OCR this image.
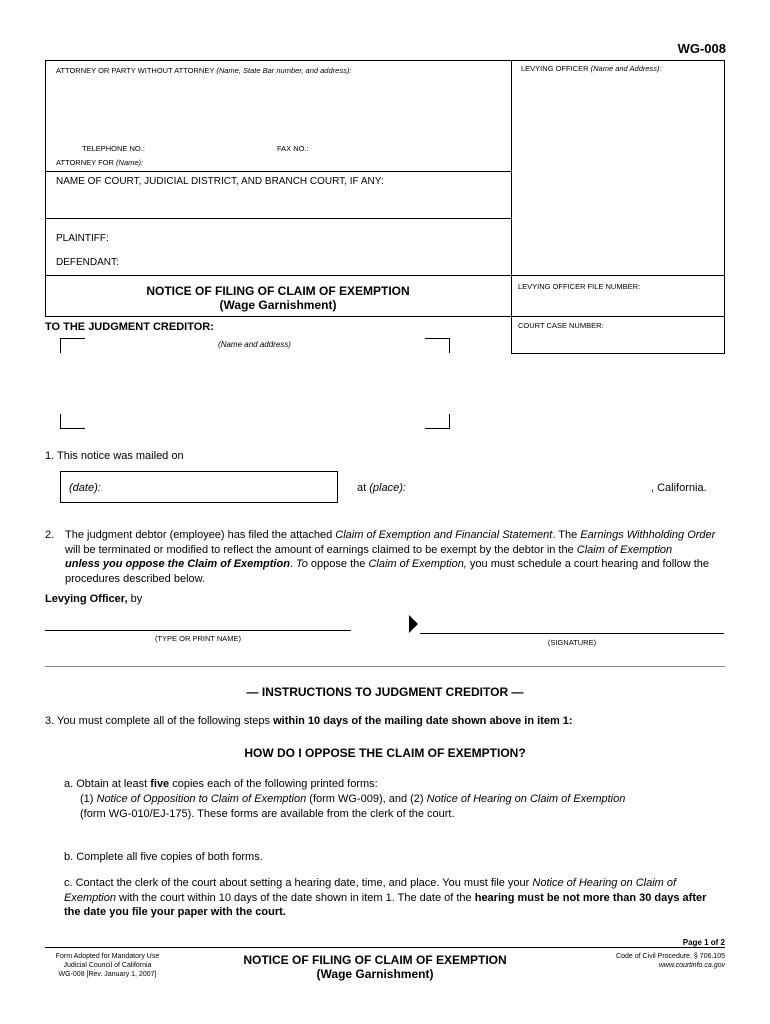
WG-008
ATTORNEY OR PARTY WITHOUT ATTORNEY (Name, State Bar number, and address):
TELEPHONE NO.:	FAX NO.:
ATTORNEY FOR (Name):
LEVYING OFFICER (Name and Address):
NAME OF COURT, JUDICIAL DISTRICT, AND BRANCH COURT, IF ANY:
PLAINTIFF:
DEFENDANT:
NOTICE OF FILING OF CLAIM OF EXEMPTION
(Wage Garnishment)
LEVYING OFFICER FILE NUMBER:
COURT CASE NUMBER:
TO THE JUDGMENT CREDITOR:
(Name and address)
1. This notice was mailed on
(date):	at (place):	, California.
2. The judgment debtor (employee) has filed the attached Claim of Exemption and Financial Statement. The Earnings Withholding Order will be terminated or modified to reflect the amount of earnings claimed to be exempt by the debtor in the Claim of Exemption
unless you oppose the Claim of Exemption. To oppose the Claim of Exemption, you must schedule a court hearing and follow the procedures described below.
Levying Officer, by
(TYPE OR PRINT NAME)	(SIGNATURE)
— INSTRUCTIONS TO JUDGMENT CREDITOR —
3. You must complete all of the following steps within 10 days of the mailing date shown above in item 1:
HOW DO I OPPOSE THE CLAIM OF EXEMPTION?
a. Obtain at least five copies each of the following printed forms:
(1) Notice of Opposition to Claim of Exemption (form WG-009), and (2) Notice of Hearing on Claim of Exemption
(form WG-010/EJ-175). These forms are available from the clerk of the court.
b. Complete all five copies of both forms.
c. Contact the clerk of the court about setting a hearing date, time, and place. You must file your Notice of Hearing on Claim of Exemption with the court within 10 days of the date shown in item 1. The date of the hearing must be not more than 30 days after the date you file your paper with the court.
Page 1 of 2
Form Adopted for Mandatory Use
Judicial Council of California
WG-008 [Rev. January 1, 2007]
NOTICE OF FILING OF CLAIM OF EXEMPTION
(Wage Garnishment)
Code of Civil Procedure, § 706.105
www.courtinfo.ca.gov
